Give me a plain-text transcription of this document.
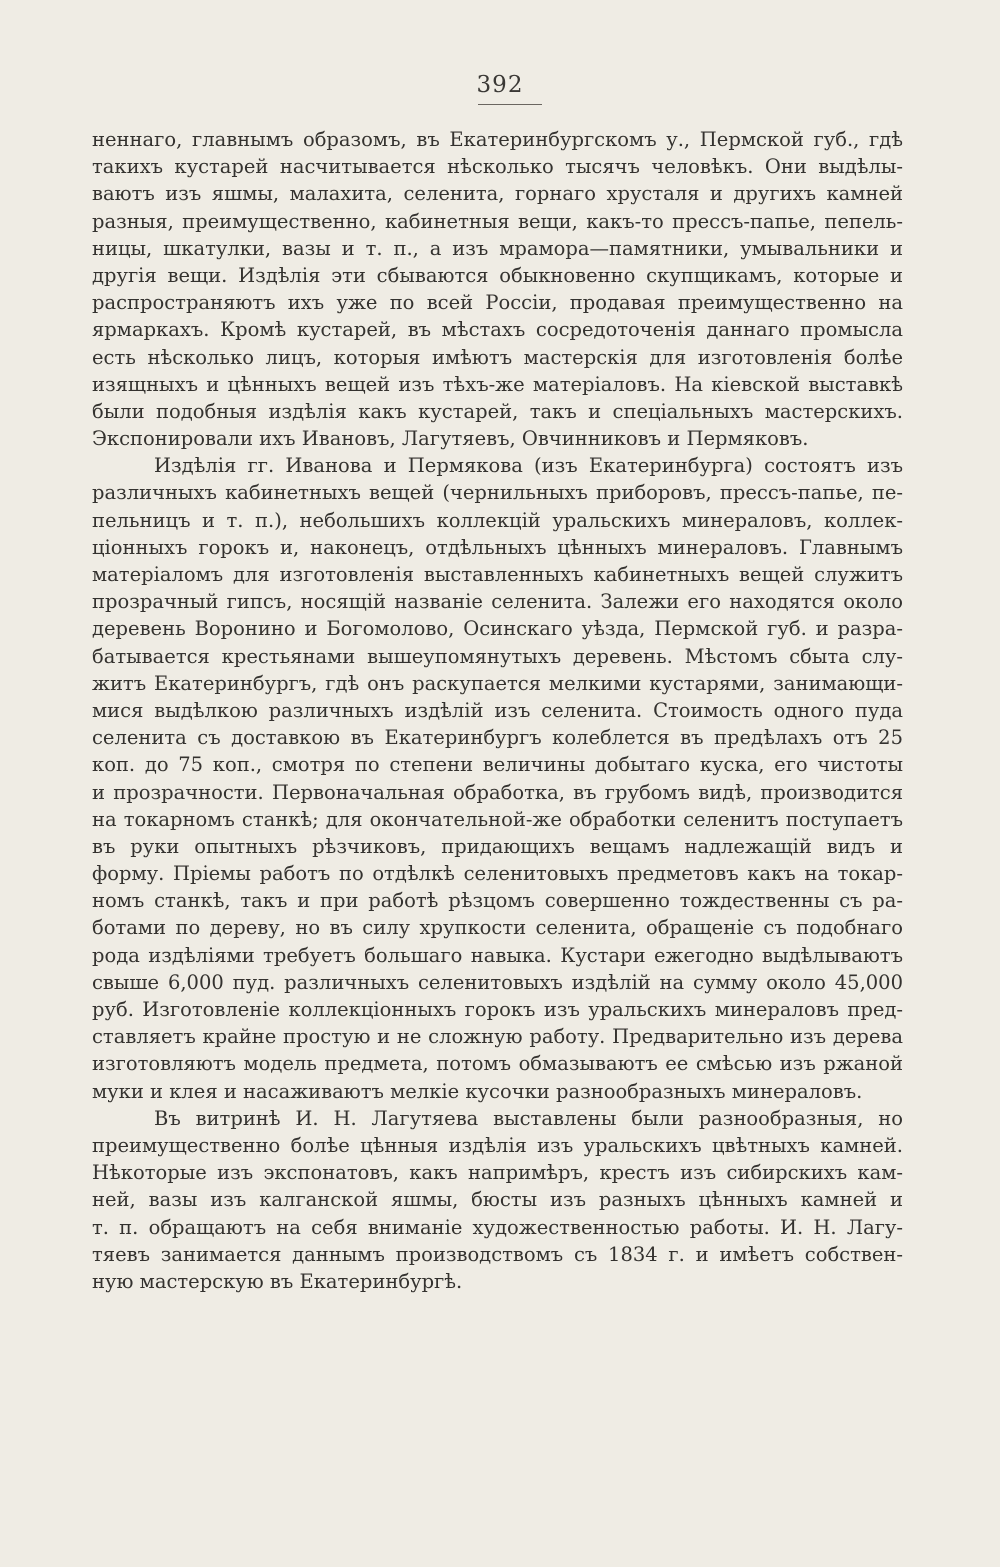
392
неннаго, главнымъ образомъ, въ Екатеринбургскомъ у., Пермской губ., гдѣ
такихъ кустарей насчитывается нѣсколько тысячъ человѣкъ. Они выдѣлы-
ваютъ изъ яшмы, малахита, селенита, горнаго хрусталя и другихъ камней
разныя, преимущественно, кабинетныя вещи, какъ-то прессъ-папье, пепель-
ницы, шкатулки, вазы и т. п., а изъ мрамора—памятники, умывальники и
другія вещи. Издѣлія эти сбываются обыкновенно скупщикамъ, которые и
распространяютъ ихъ уже по всей Россіи, продавая преимущественно на
ярмаркахъ. Кромѣ кустарей, въ мѣстахъ сосредоточенія даннаго промысла
есть нѣсколько лицъ, которыя имѣютъ мастерскія для изготовленія болѣе
изящныхъ и цѣнныхъ вещей изъ тѣхъ-же матеріаловъ. На кіевской выставкѣ
были подобныя издѣлія какъ кустарей, такъ и спеціальныхъ мастерскихъ.
Экспонировали ихъ Ивановъ, Лагутяевъ, Овчинниковъ и Пермяковъ.
Издѣлія гг. Иванова и Пермякова (изъ Екатеринбурга) состоятъ изъ
различныхъ кабинетныхъ вещей (чернильныхъ приборовъ, прессъ-папье, пе-
пельницъ и т. п.), небольшихъ коллекцій уральскихъ минераловъ, коллек-
ціонныхъ горокъ и, наконецъ, отдѣльныхъ цѣнныхъ минераловъ. Главнымъ
матеріаломъ для изготовленія выставленныхъ кабинетныхъ вещей служитъ
прозрачный гипсъ, носящій названіе селенита. Залежи его находятся около
деревень Воронино и Богомолово, Осинскаго уѣзда, Пермской губ. и разра-
батывается крестьянами вышеупомянутыхъ деревень. Мѣстомъ сбыта слу-
житъ Екатеринбургъ, гдѣ онъ раскупается мелкими кустарями, занимающи-
мися выдѣлкою различныхъ издѣлій изъ селенита. Стоимость одного пуда
селенита съ доставкою въ Екатеринбургъ колеблется въ предѣлахъ отъ 25
коп. до 75 коп., смотря по степени величины добытаго куска, его чистоты
и прозрачности. Первоначальная обработка, въ грубомъ видѣ, производится
на токарномъ станкѣ; для окончательной-же обработки селенитъ поступаетъ
въ руки опытныхъ рѣзчиковъ, придающихъ вещамъ надлежащій видъ и
форму. Пріемы работъ по отдѣлкѣ селенитовыхъ предметовъ какъ на токар-
номъ станкѣ, такъ и при работѣ рѣзцомъ совершенно тождественны съ ра-
ботами по дереву, но въ силу хрупкости селенита, обращеніе съ подобнаго
рода издѣліями требуетъ большаго навыка. Кустари ежегодно выдѣлываютъ
свыше 6,000 пуд. различныхъ селенитовыхъ издѣлій на сумму около 45,000
руб. Изготовленіе коллекціонныхъ горокъ изъ уральскихъ минераловъ пред-
ставляетъ крайне простую и не сложную работу. Предварительно изъ дерева
изготовляютъ модель предмета, потомъ обмазываютъ ее смѣсью изъ ржаной
муки и клея и насаживаютъ мелкіе кусочки разнообразныхъ минераловъ.
Въ витринѣ И. Н. Лагутяева выставлены были разнообразныя, но
преимущественно болѣе цѣнныя издѣлія изъ уральскихъ цвѣтныхъ камней.
Нѣкоторые изъ экспонатовъ, какъ напримѣръ, крестъ изъ сибирскихъ кам-
ней, вазы изъ калганской яшмы, бюсты изъ разныхъ цѣнныхъ камней и
т. п. обращаютъ на себя вниманіе художественностью работы. И. Н. Лагу-
тяевъ занимается даннымъ производствомъ съ 1834 г. и имѣетъ собствен-
ную мастерскую въ Екатеринбургѣ.
